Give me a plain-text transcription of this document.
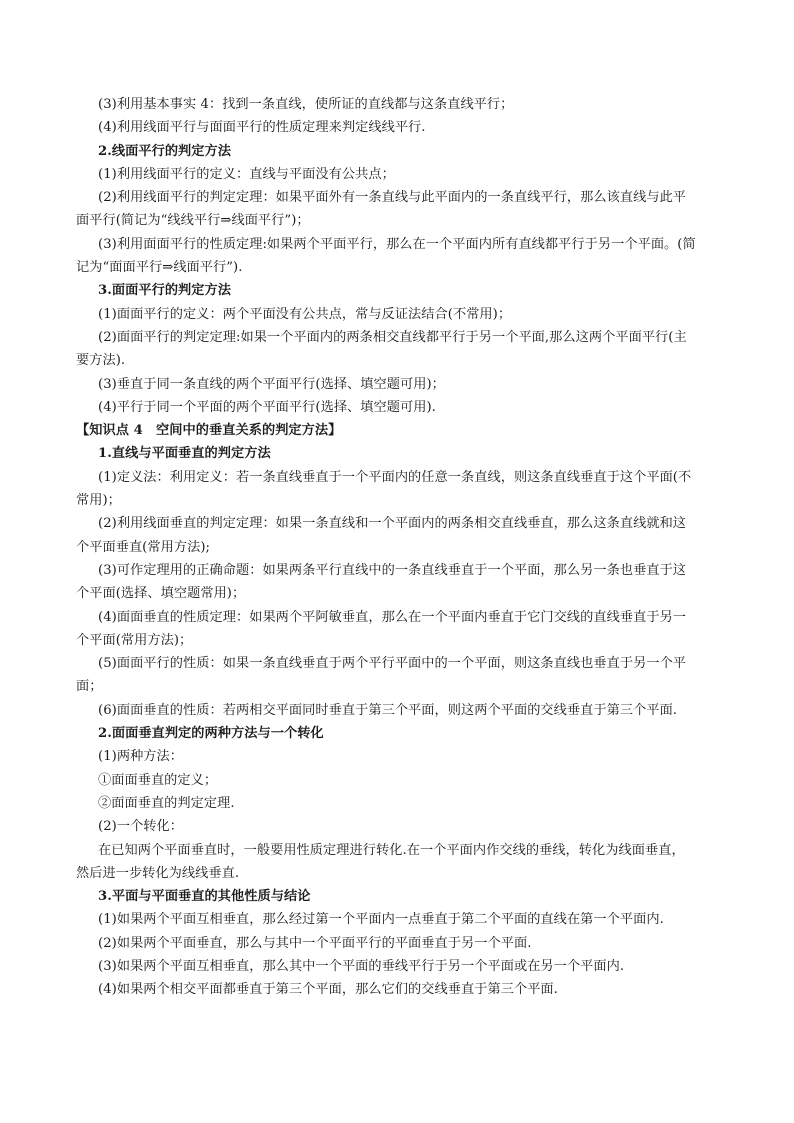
(3)利用基本事实 4：找到一条直线，使所证的直线都与这条直线平行；
(4)利用线面平行与面面平行的性质定理来判定线线平行.
2.线面平行的判定方法
(1)利用线面平行的定义：直线与平面没有公共点；
(2)利用线面平行的判定定理：如果平面外有一条直线与此平面内的一条直线平行，那么该直线与此平
面平行(简记为“线线平行⇒线面平行”)；
(3)利用面面平行的性质定理:如果两个平面平行，那么在一个平面内所有直线都平行于另一个平面。(简
记为“面面平行⇒线面平行”).
3.面面平行的判定方法
(1)面面平行的定义：两个平面没有公共点，常与反证法结合(不常用)；
(2)面面平行的判定定理:如果一个平面内的两条相交直线都平行于另一个平面,那么这两个平面平行(主
要方法).
(3)垂直于同一条直线的两个平面平行(选择、填空题可用)；
(4)平行于同一个平面的两个平面平行(选择、填空题可用).
【知识点 4　空间中的垂直关系的判定方法】
1.直线与平面垂直的判定方法
(1)定义法：利用定义：若一条直线垂直于一个平面内的任意一条直线，则这条直线垂直于这个平面(不
常用)；
(2)利用线面垂直的判定定理：如果一条直线和一个平面内的两条相交直线垂直，那么这条直线就和这
个平面垂直(常用方法);
(3)可作定理用的正确命题：如果两条平行直线中的一条直线垂直于一个平面，那么另一条也垂直于这
个平面(选择、填空题常用)；
(4)面面垂直的性质定理：如果两个平阿敏垂直，那么在一个平面内垂直于它门交线的直线垂直于另一
个平面(常用方法)；
(5)面面平行的性质：如果一条直线垂直于两个平行平面中的一个平面，则这条直线也垂直于另一个平
面；
(6)面面垂直的性质：若两相交平面同时垂直于第三个平面，则这两个平面的交线垂直于第三个平面.
2.面面垂直判定的两种方法与一个转化
(1)两种方法：
①面面垂直的定义；
②面面垂直的判定定理.
(2)一个转化：
在已知两个平面垂直时，一般要用性质定理进行转化.在一个平面内作交线的垂线，转化为线面垂直，
然后进一步转化为线线垂直.
3.平面与平面垂直的其他性质与结论
(1)如果两个平面互相垂直，那么经过第一个平面内一点垂直于第二个平面的直线在第一个平面内.
(2)如果两个平面垂直，那么与其中一个平面平行的平面垂直于另一个平面.
(3)如果两个平面互相垂直，那么其中一个平面的垂线平行于另一个平面或在另一个平面内.
(4)如果两个相交平面都垂直于第三个平面，那么它们的交线垂直于第三个平面.
